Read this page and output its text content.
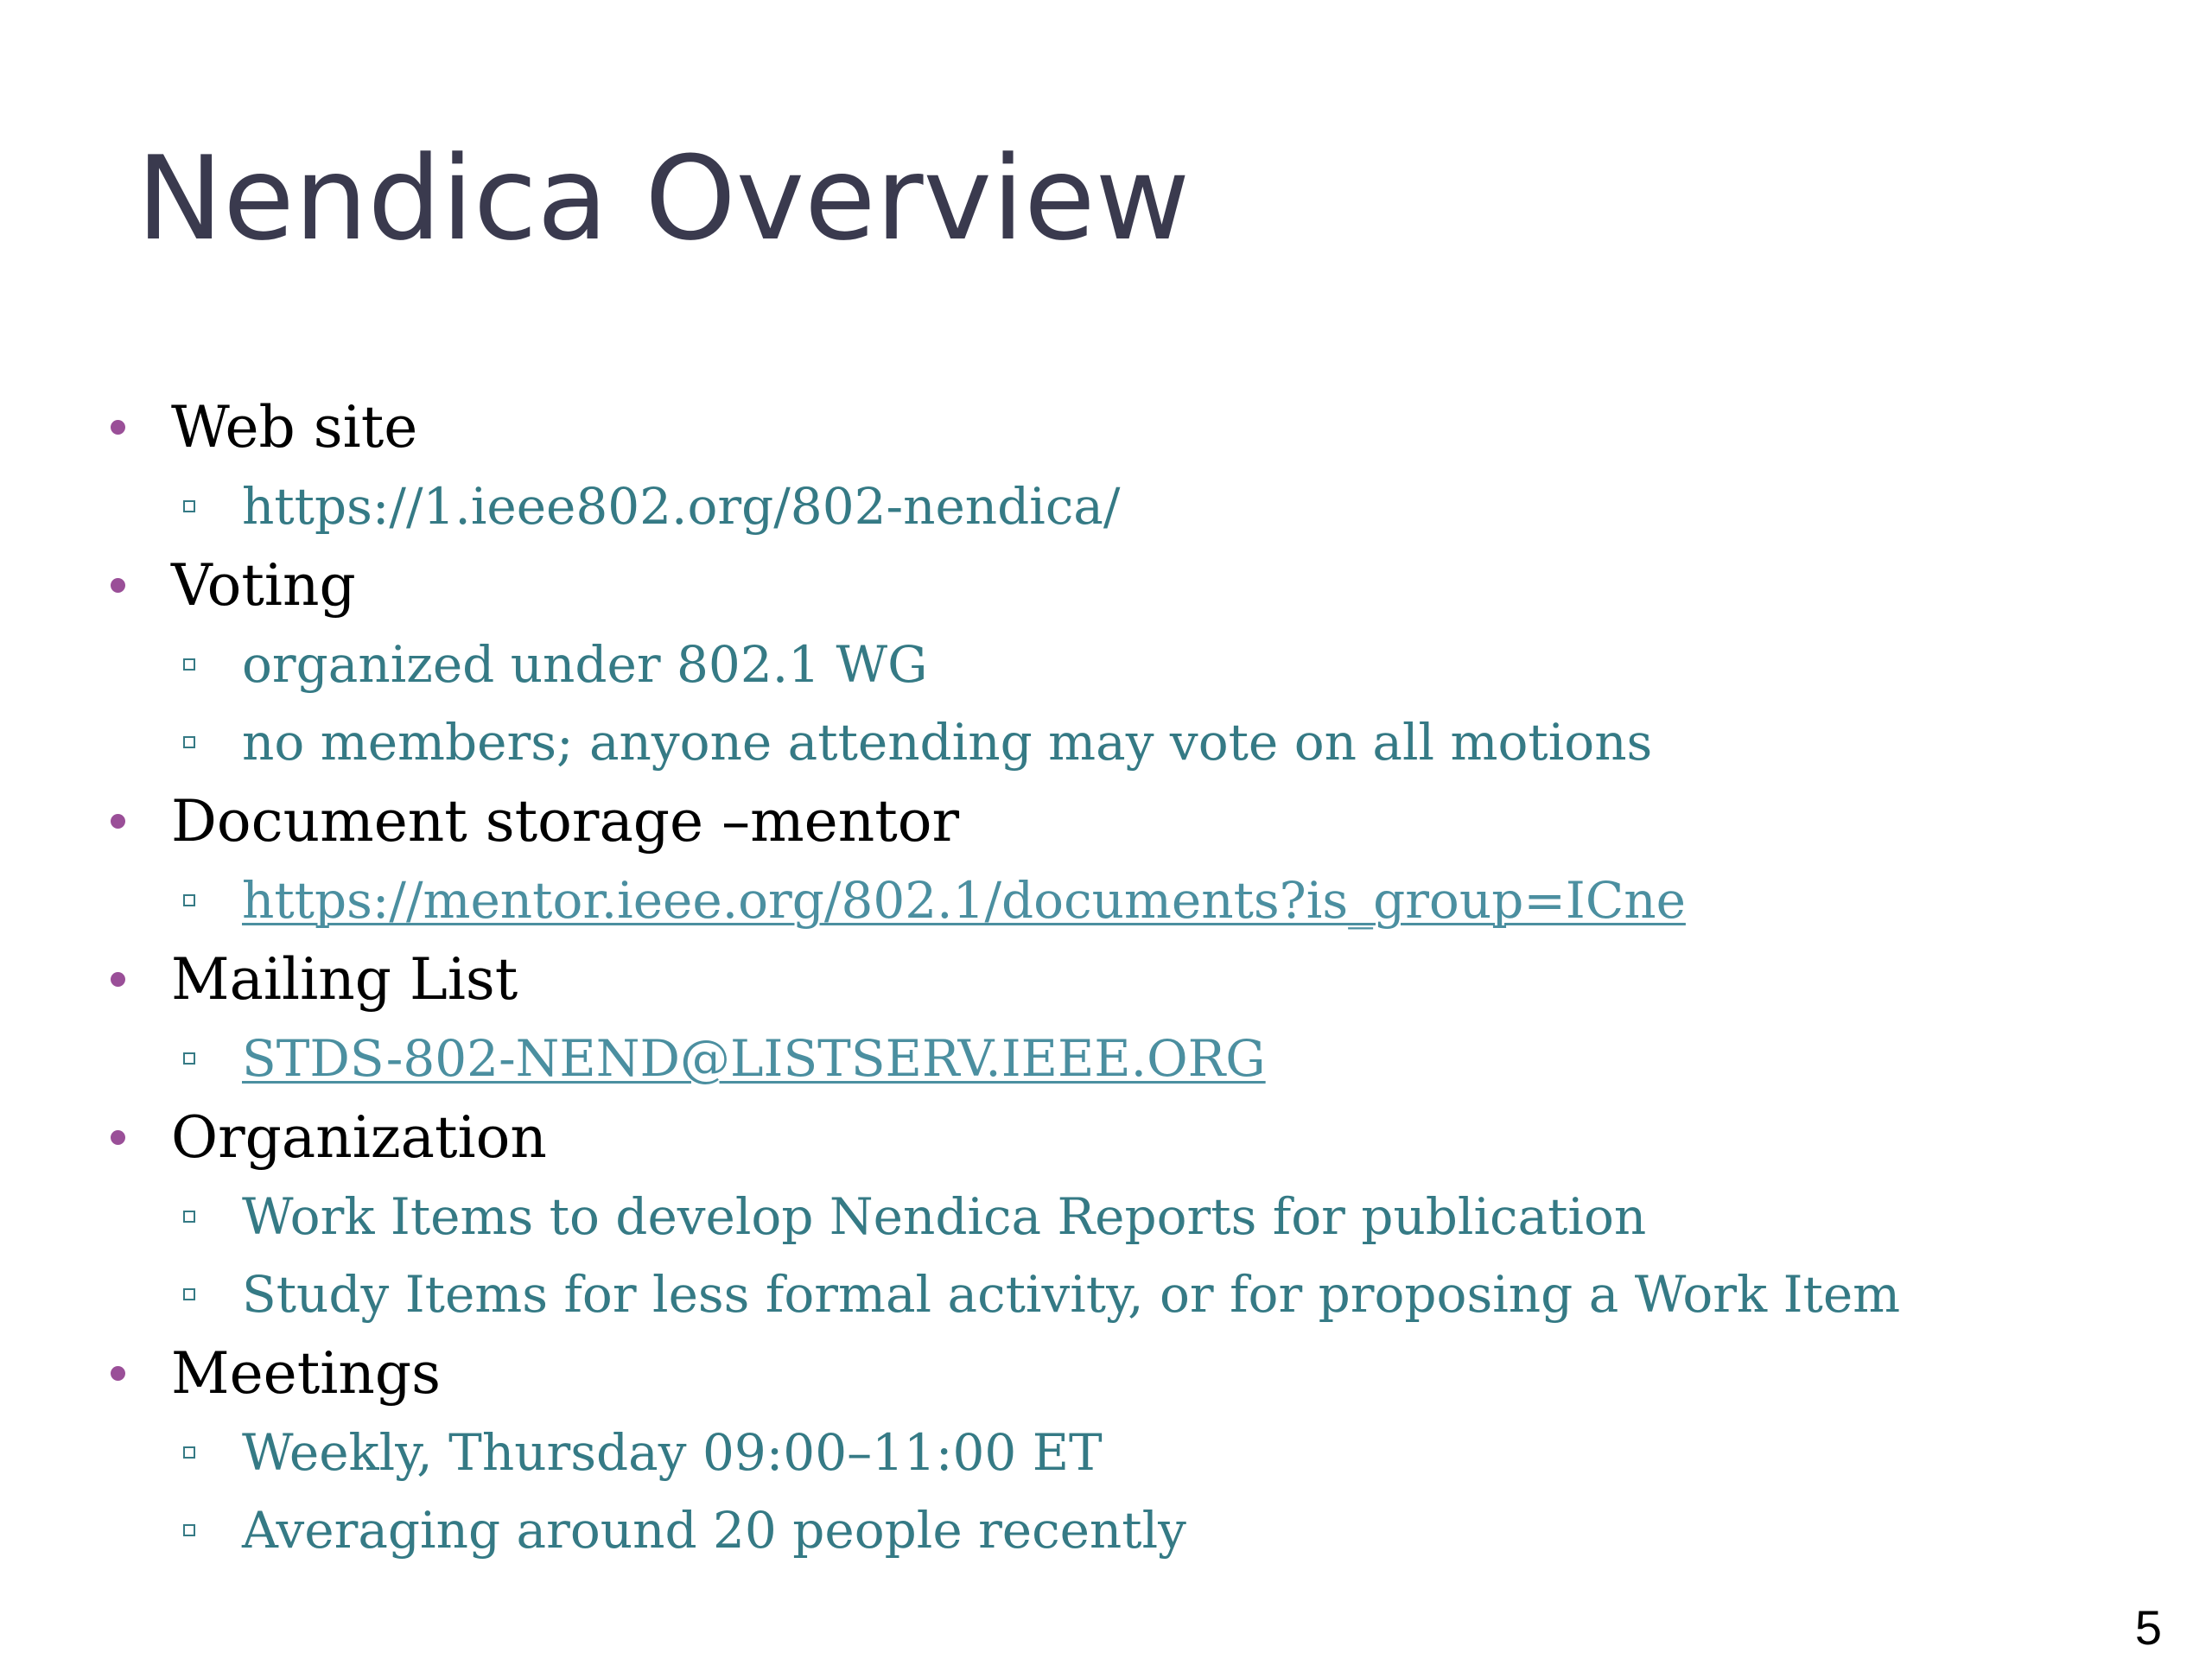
Nendica Overview
Web site
https://1.ieee802.org/802-nendica/
Voting
organized under 802.1 WG
no members; anyone attending may vote on all motions
Document storage –mentor
https://mentor.ieee.org/802.1/documents?is_group=ICne
Mailing List
STDS-802-NEND@LISTSERV.IEEE.ORG
Organization
Work Items to develop Nendica Reports for publication
Study Items for less formal activity, or for proposing a Work Item
Meetings
Weekly, Thursday 09:00–11:00 ET
Averaging around 20 people recently
5
